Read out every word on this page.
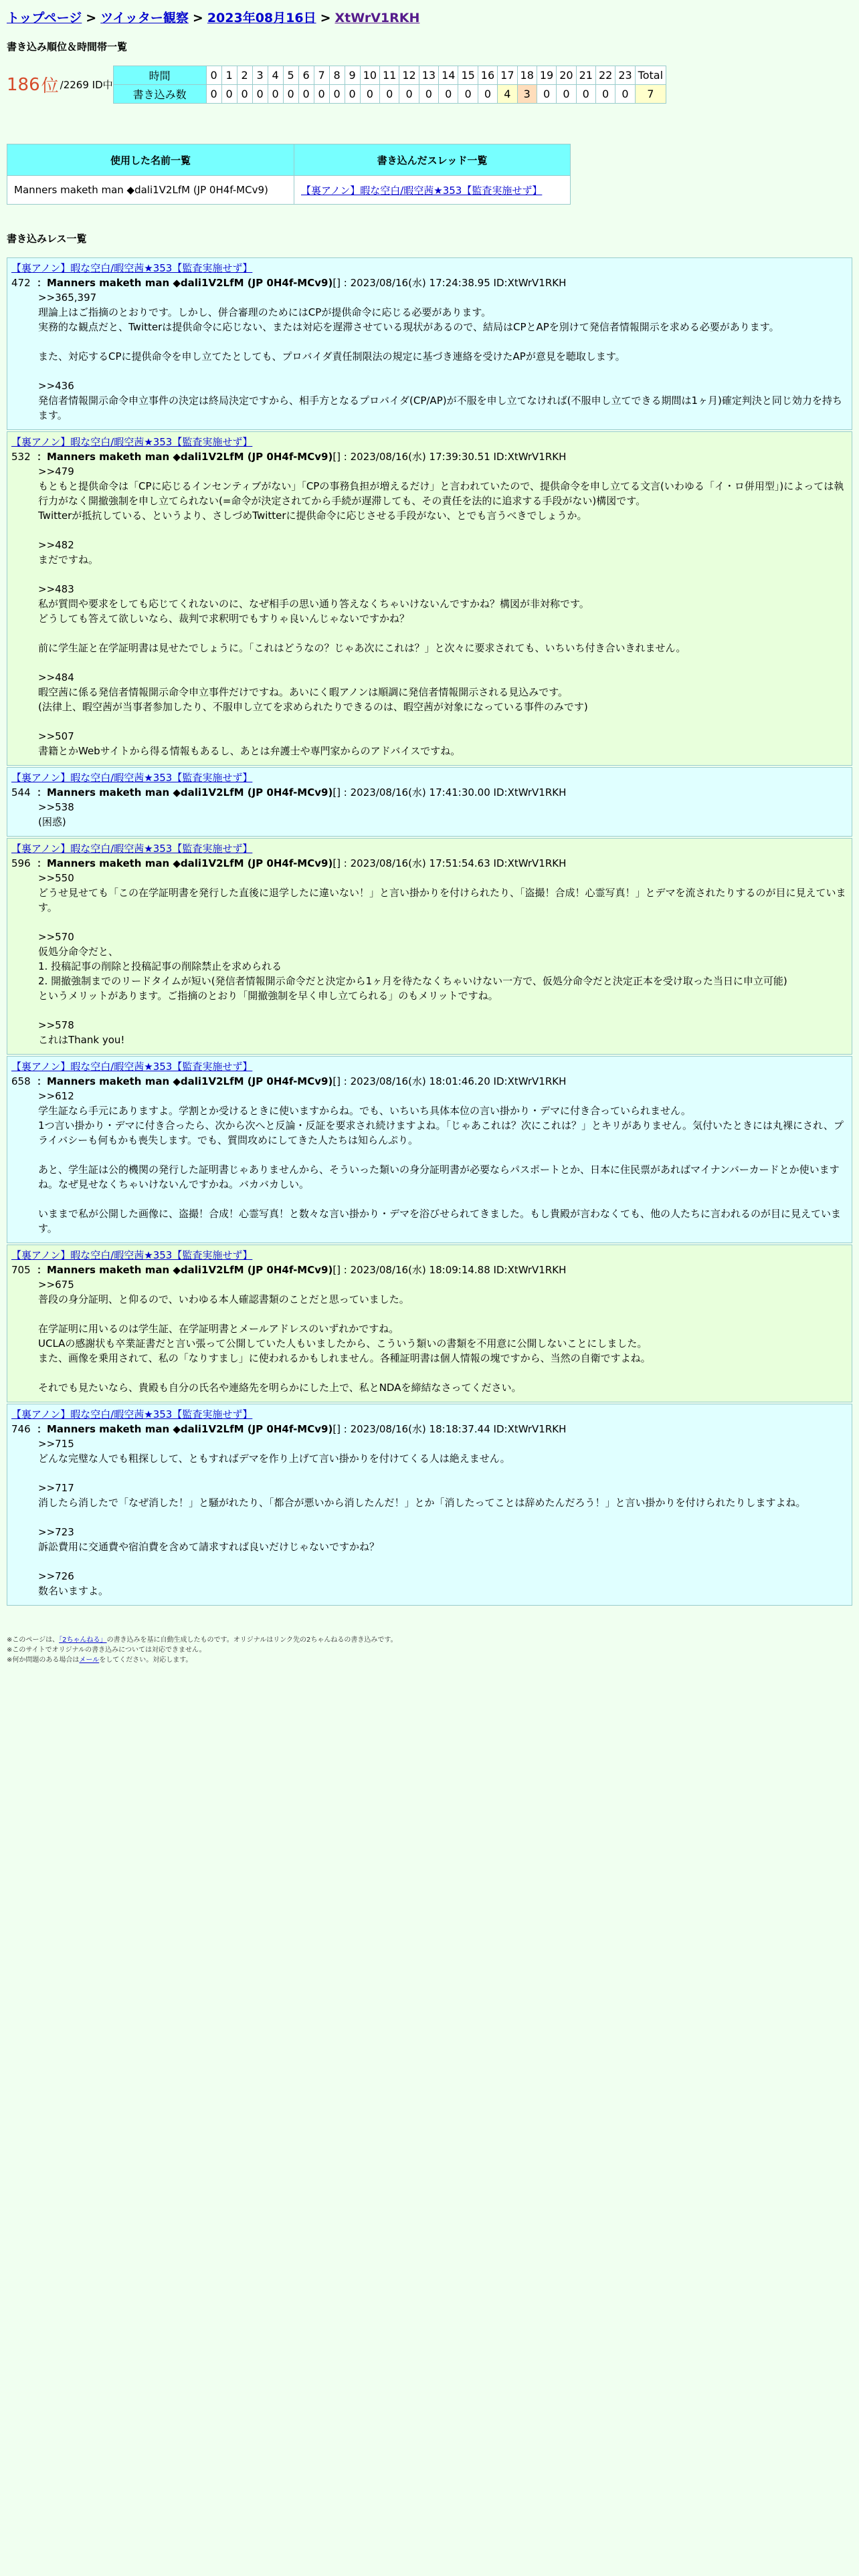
トップページ > ツイッター観察 > 2023年08月16日 > XtWrV1RKH
書き込み順位＆時間帯一覧
186 位 /2269 ID中
時間	0	1	2	3	4	5	6	7	8	9	10	11	12	13	14	15	16	17	18	19	20	21	22	23	Total
書き込み数	0	0	0	0	0	0	0	0	0	0	0	0	0	0	0	0	0	4	3	0	0	0	0	0	7
使用した名前一覧	書き込んだスレッド一覧
Manners maketh man ◆dali1V2LfM (JP 0H4f-MCv9)	【裏アノン】暇な空白/暇空茜★353【監査実施せず】
書き込みレス一覧
【裏アノン】暇な空白/暇空茜★353【監査実施せず】
472 ：Manners maketh man ◆dali1V2LfM (JP 0H4f-MCv9)[] : 2023/08/16(水) 17:24:38.95 ID:XtWrV1RKH

>>365,397

理論上はご指摘のとおりです。しかし、併合審理のためにはCPが提供命令に応じる必要があります。

実務的な観点だと、Twitterは提供命令に応じない、または対応を遅滞させている現状があるので、結局はCPとAPを別けて発信者情報開示を求める必要があります。

また、対応するCPに提供命令を申し立てたとしても、プロバイダ責任制限法の規定に基づき連絡を受けたAPが意見を聴取します。

>>436

発信者情報開示命令申立事件の決定は終局決定ですから、相手方となるプロバイダ(CP/AP)が不服を申し立てなければ(不服申し立てできる期間は1ヶ月)確定判決と同じ効力を持ちます。

【裏アノン】暇な空白/暇空茜★353【監査実施せず】
532 ：Manners maketh man ◆dali1V2LfM (JP 0H4f-MCv9)[] : 2023/08/16(水) 17:39:30.51 ID:XtWrV1RKH

>>479

もともと提供命令は「CPに応じるインセンティブがない」「CPの事務負担が増えるだけ」と言われていたので、提供命令を申し立てる文言(いわゆる「イ・ロ併用型」)によっては執行力がなく開撤強制を申し立てられない(=命令が決定されてから手続が遅滞しても、その責任を法的に追求する手段がない)構図です。

Twitterが抵抗している、というより、さしづめTwitterに提供命令に応じさせる手段がない、とでも言うべきでしょうか。

>>482

まだですね。

>>483

私が質問や要求をしても応じてくれないのに、なぜ相手の思い通り答えなくちゃいけないんですかね？構図が非対称です。

どうしても答えて欲しいなら、裁判で求釈明でもすりゃ良いんじゃないですかね？

前に学生証と在学証明書は見せたでしょうに。「これはどうなの？じゃあ次にこれは？」と次々に要求されても、いちいち付き合いきれません。

>>484

暇空茜に係る発信者情報開示命令申立事件だけですね。あいにく暇アノンは順調に発信者情報開示される見込みです。

(法律上、暇空茜が当事者参加したり、不服申し立てを求められたりできるのは、暇空茜が対象になっている事件のみです)

>>507

書籍とかWebサイトから得る情報もあるし、あとは弁護士や専門家からのアドバイスですね。

【裏アノン】暇な空白/暇空茜★353【監査実施せず】
544 ：Manners maketh man ◆dali1V2LfM (JP 0H4f-MCv9)[] : 2023/08/16(水) 17:41:30.00 ID:XtWrV1RKH

>>538

(困惑)

【裏アノン】暇な空白/暇空茜★353【監査実施せず】
596 ：Manners maketh man ◆dali1V2LfM (JP 0H4f-MCv9)[] : 2023/08/16(水) 17:51:54.63 ID:XtWrV1RKH

>>550

どうせ見せても「この在学証明書を発行した直後に退学したに違いない！」と言い掛かりを付けられたり、「盗撮！合成！心霊写真！」とデマを流されたりするのが目に見えています。

>>570

仮処分命令だと、

1. 投稿記事の削除と投稿記事の削除禁止を求められる

2. 開撤強制までのリードタイムが短い(発信者情報開示命令だと決定から1ヶ月を待たなくちゃいけない一方で、仮処分命令だと決定正本を受け取った当日に申立可能)

というメリットがあります。ご指摘のとおり「開撤強制を早く申し立てられる」のもメリットですね。

>>578

これはThank you!

【裏アノン】暇な空白/暇空茜★353【監査実施せず】
658 ：Manners maketh man ◆dali1V2LfM (JP 0H4f-MCv9)[] : 2023/08/16(水) 18:01:46.20 ID:XtWrV1RKH

>>612

学生証なら手元にありますよ。学割とか受けるときに使いますからね。でも、いちいち具体本位の言い掛かり・デマに付き合っていられません。

1つ言い掛かり・デマに付き合ったら、次から次へと反論・反証を要求され続けますよね。「じゃあこれは？次にこれは？」とキリがありません。気付いたときには丸裸にされ、プライバシーも何もかも喪失します。でも、質問攻めにしてきた人たちは知らんぷり。

あと、学生証は公的機関の発行した証明書じゃありませんから、そういった類いの身分証明書が必要ならパスポートとか、日本に住民票があればマイナンバーカードとか使いますね。なぜ見せなくちゃいけないんですかね。バカバカしい。

いままで私が公開した画像に、盗撮！合成！心霊写真！と数々な言い掛かり・デマを浴びせられてきました。もし貴殿が言わなくても、他の人たちに言われるのが目に見えています。

【裏アノン】暇な空白/暇空茜★353【監査実施せず】
705 ：Manners maketh man ◆dali1V2LfM (JP 0H4f-MCv9)[] : 2023/08/16(水) 18:09:14.88 ID:XtWrV1RKH

>>675

普段の身分証明、と仰るので、いわゆる本人確認書類のことだと思っていました。

在学証明に用いるのは学生証、在学証明書とメールアドレスのいずれかですね。

UCLAの感謝状も卒業証書だと言い張って公開していた人もいましたから、こういう類いの書類を不用意に公開しないことにしました。

また、画像を乗用されて、私の「なりすまし」に使われるかもしれません。各種証明書は個人情報の塊ですから、当然の自衛ですよね。

それでも見たいなら、貴殿も自分の氏名や連絡先を明らかにした上で、私とNDAを締結なさってください。

【裏アノン】暇な空白/暇空茜★353【監査実施せず】
746 ：Manners maketh man ◆dali1V2LfM (JP 0H4f-MCv9)[] : 2023/08/16(水) 18:18:37.44 ID:XtWrV1RKH

>>715

どんな完璧な人でも粗探しして、ともすればデマを作り上げて言い掛かりを付けてくる人は絶えません。

>>717

消したら消したで「なぜ消した！」と騒がれたり、「都合が悪いから消したんだ！」とか「消したってことは辞めたんだろう！」と言い掛かりを付けられたりしますよね。

>>723

訴訟費用に交通費や宿泊費を含めて請求すれば良いだけじゃないですかね？

>>726

数名いますよ。

※このページは、「2ちゃんねる」の書き込みを基に自動生成したものです。オリジナルはリンク先の2ちゃんねるの書き込みです。
※このサイトでオリジナルの書き込みについては対応できません。
※何か問題のある場合はメールをしてください。対応します。
